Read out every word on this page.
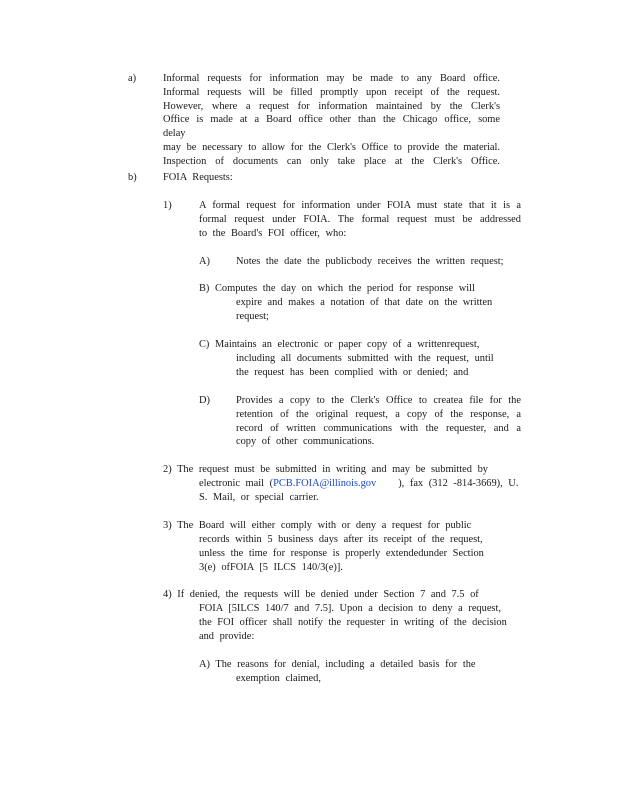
a)	Informal requests for information may be made to any Board office.
Informal requests will be filled promptly upon receipt of the request.
However, where a request for information maintained by the Clerk's
Office is made at a Board office other than the Chicago office, some delay
may be necessary to allow for the Clerk's Office to provide the material.
Inspection of documents can only take place at the Clerk's Office.
b)	FOIA Requests:
1)	A formal request for information under FOIA must state that it is a
formal request under FOIA. The formal request must be addressed
to the Board's FOI officer, who:
A)	Notes the date the publicbody receives the written request;
B) Computes the day on which the period for response will
expire and makes a notation of that date on the written
request;
C) Maintains an electronic or paper copy of a writtenrequest,
including all documents submitted with the request, until
the request has been complied with or denied; and
D)	Provides a copy to the Clerk's Office to createa file for the
retention of the original request, a copy of the response, a
record of written communications with the requester, and a
copy of other communications.
2) The request must be submitted in writing and may be submitted by
electronic mail (PCB.FOIA@illinois.gov ), fax (312 -814-3669), U.
S. Mail, or special carrier.
3) The Board will either comply with or deny a request for public
records within 5 business days after its receipt of the request,
unless the time for response is properly extendedunder Section
3(e) ofFOIA [5 ILCS 140/3(e)].
4) If denied, the requests will be denied under Section 7 and 7.5 of
FOIA [5ILCS 140/7 and 7.5]. Upon a decision to deny a request,
the FOI officer shall notify the requester in writing of the decision
and provide:
A) The reasons for denial, including a detailed basis for the
exemption claimed,
